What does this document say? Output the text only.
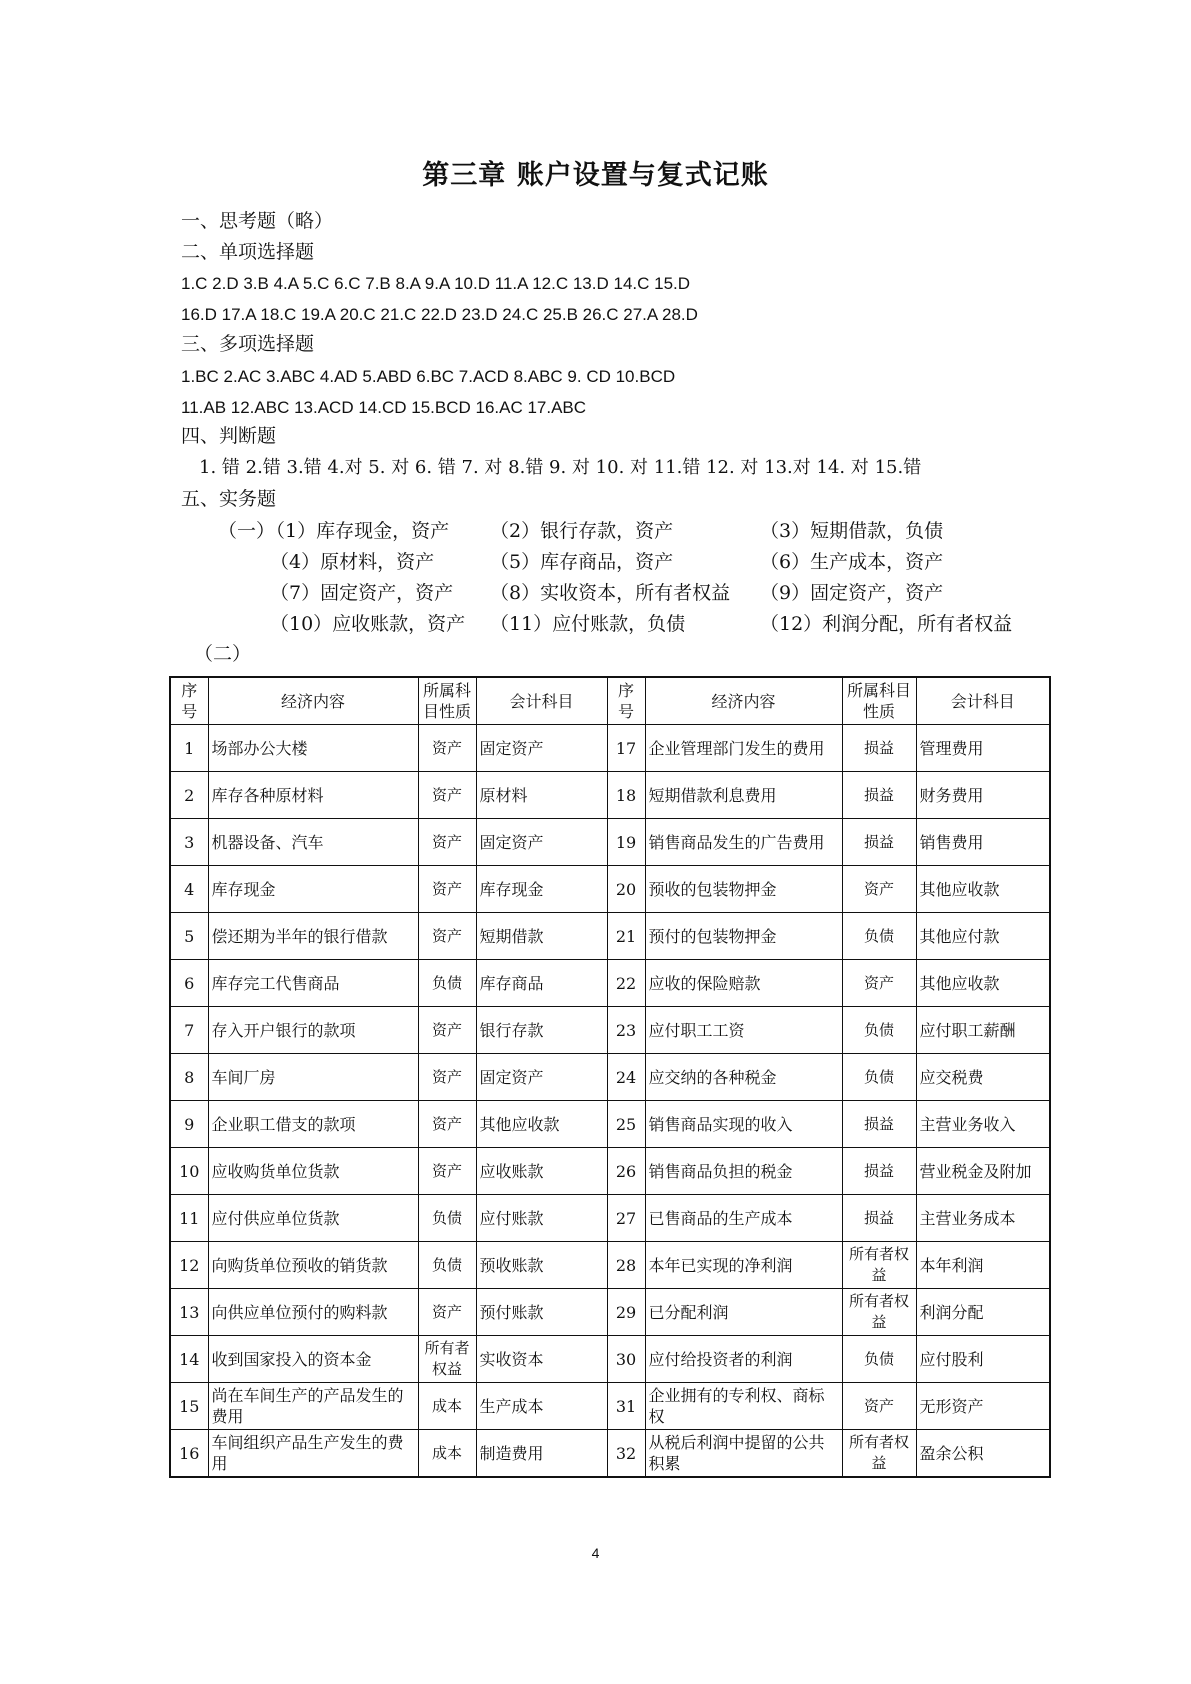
第三章 账户设置与复式记账
一、思考题（略）
二、单项选择题
1.C 2.D 3.B 4.A 5.C 6.C 7.B 8.A 9.A 10.D 11.A 12.C 13.D 14.C 15.D
16.D 17.A 18.C 19.A 20.C 21.C 22.D 23.D 24.C 25.B 26.C 27.A 28.D
三、多项选择题
1.BC 2.AC 3.ABC 4.AD 5.ABD 6.BC 7.ACD 8.ABC 9. CD 10.BCD
11.AB 12.ABC 13.ACD 14.CD 15.BCD 16.AC 17.ABC
四、判断题
1. 错 2.错 3.错 4.对 5. 对 6. 错 7. 对 8.错 9. 对 10. 对 11.错 12. 对 13.对 14. 对 15.错
五、实务题
（一）
（1）库存现金，资产 （2）银行存款，资产	（3）短期借款，负债
（4）原材料，资产	（5）库存商品，资产	（6）生产成本，资产
（7）固定资产，资产 （8）实收资本，所有者权益 （9）固定资产，资产
（10）应收账款，资产 （11）应付账款，负债	（12）利润分配，所有者权益
（二）
序号	经济内容	所属科目性质	会计科目	序号	经济内容	所属科目性质	会计科目
1	场部办公大楼	资产	固定资产	17	企业管理部门发生的费用	损益	管理费用
2	库存各种原材料	资产	原材料	18	短期借款利息费用	损益	财务费用
3	机器设备、汽车	资产	固定资产	19	销售商品发生的广告费用	损益	销售费用
4	库存现金	资产	库存现金	20	预收的包装物押金	资产	其他应收款
5	偿还期为半年的银行借款	资产	短期借款	21	预付的包装物押金	负债	其他应付款
6	库存完工代售商品	负债	库存商品	22	应收的保险赔款	资产	其他应收款
7	存入开户银行的款项	资产	银行存款	23	应付职工工资	负债	应付职工薪酬
8	车间厂房	资产	固定资产	24	应交纳的各种税金	负债	应交税费
9	企业职工借支的款项	资产	其他应收款	25	销售商品实现的收入	损益	主营业务收入
10	应收购货单位货款	资产	应收账款	26	销售商品负担的税金	损益	营业税金及附加
11	应付供应单位货款	负债	应付账款	27	已售商品的生产成本	损益	主营业务成本
12	向购货单位预收的销货款	负债	预收账款	28	本年已实现的净利润	所有者权益	本年利润
13	向供应单位预付的购料款	资产	预付账款	29	已分配利润	所有者权益	利润分配
14	收到国家投入的资本金	所有者权益	实收资本	30	应付给投资者的利润	负债	应付股利
15	尚在车间生产的产品发生的费用	成本	生产成本	31	企业拥有的专利权、商标权	资产	无形资产
16	车间组织产品生产发生的费用	成本	制造费用	32	从税后利润中提留的公共积累	所有者权益	盈余公积
4
